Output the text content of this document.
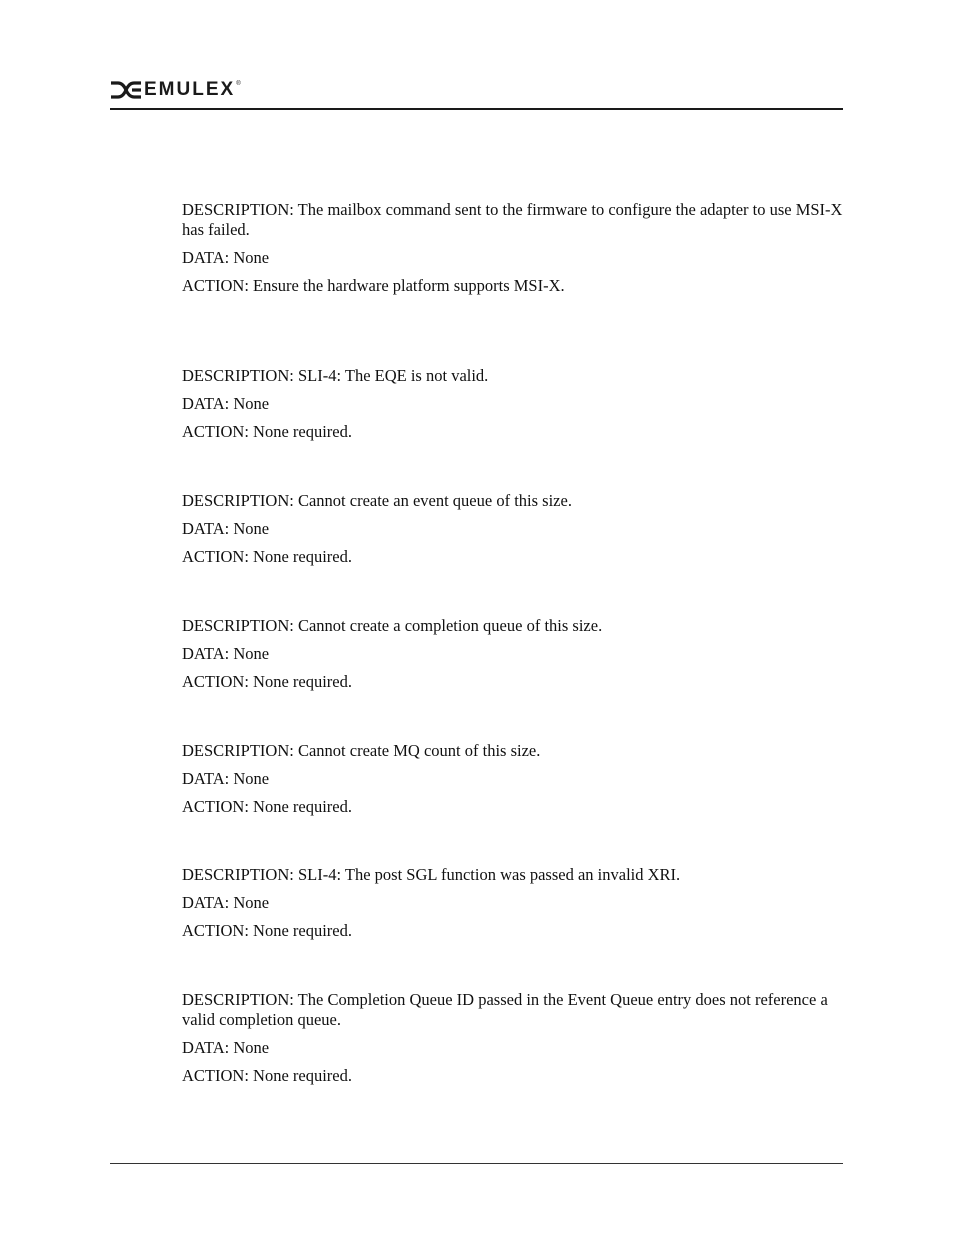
EMULEX ®

DESCRIPTION: The mailbox command sent to the firmware to configure the adapter to use MSI-X has failed.

DATA: None

ACTION: Ensure the hardware platform supports MSI-X.

DESCRIPTION: SLI-4: The EQE is not valid.

DATA: None

ACTION: None required.

DESCRIPTION: Cannot create an event queue of this size.

DATA: None

ACTION: None required.

DESCRIPTION: Cannot create a completion queue of this size.

DATA: None

ACTION: None required.

DESCRIPTION: Cannot create MQ count of this size.

DATA: None

ACTION: None required.

DESCRIPTION: SLI-4: The post SGL function was passed an invalid XRI.

DATA: None

ACTION: None required.

DESCRIPTION: The Completion Queue ID passed in the Event Queue entry does not reference a valid completion queue.

DATA: None

ACTION: None required.
